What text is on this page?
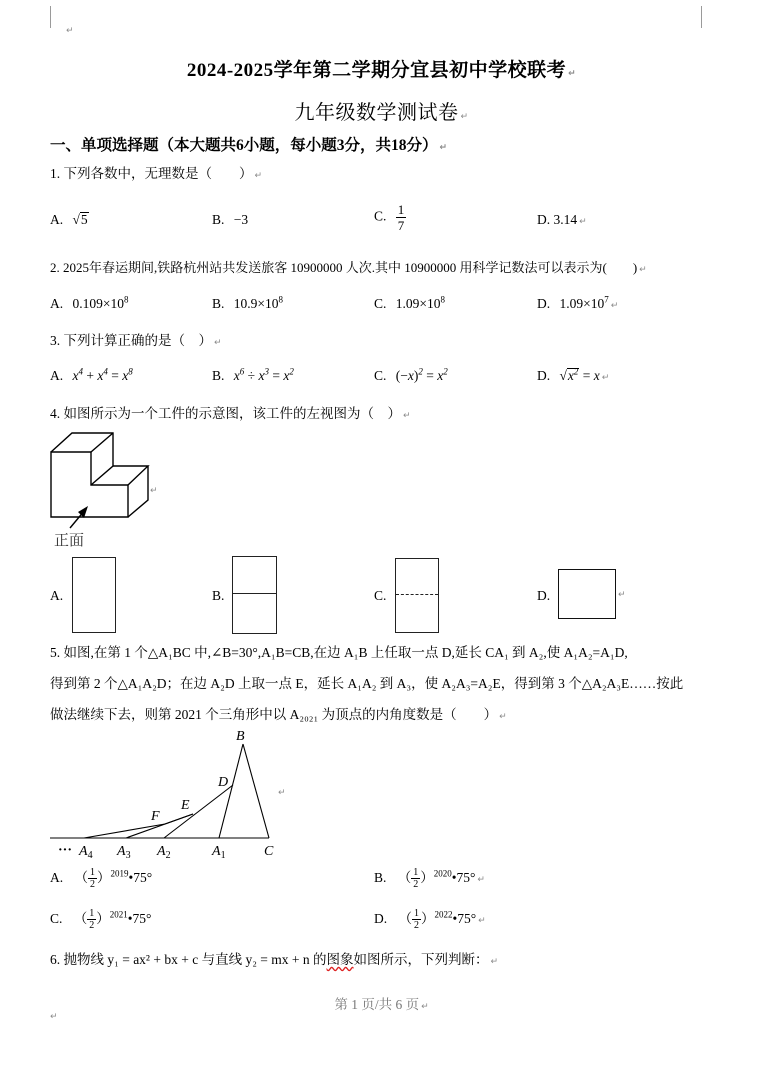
↵
2024-2025学年第二学期分宜县初中学校联考 ↵
九年级数学测试卷 ↵
一、单项选择题（本大题共6小题，每小题3分，共18分） ↵
1. 下列各数中，无理数是（　　） ↵
A. √5	B. −3	C. $\frac{1}{7}$	D. 3.14 ↵
2. 2025年春运期间,铁路杭州站共发送旅客 10900000 人次.其中 10900000 用科学记数法可以表示为(　　) ↵
A. $0.109\times 10^8$	B. $10.9\times 10^8$	C. $1.09\times 10^8$	D. $1.09\times 10^7↵$
3. 下列计算正确的是（　） ↵
A. $x^4 + x^4 = x^8$	B. $x^6 \div x^3 = x^2$	C. $(-x)^2 = x^2$	D. $√x^2 = x$ ↵
4. 如图所示为一个工件的示意图，该工件的左视图为（　） ↵
↵
正面
A.	B.	C.	D.	↵
5. 如图,在第 1 个△A₁BC 中,∠B=30°,A₁B=CB,在边 A₁B 上任取一点 D,延长 CA₁ 到 A₂,使 A₁A₂=A₁D,
得到第 2 个△A₁A₂D；在边 A₂D 上取一点 E，延长 A₁A₂ 到 A₃，使 A₂A₃=A₂E，得到第 3 个△A₂A₃E……按此
做法继续下去，则第 2021 个三角形中以 A₂₀₂₁ 为顶点的内角度数是（　　） ↵
B
D
E
F
··· $A_4$ $A_3$ $A_2$	$A_1$	C
↵
A. （ $\frac{1}{2}$ ）$^{2019}$•75°	B. （ $\frac{1}{2}$ ）$^{2020}$•75° ↵
C. （ $\frac{1}{2}$ ）$^{2021}$•75°	D. （ $\frac{1}{2}$ ）$^{2022}$•75° ↵
6. 抛物线 y₁ = ax² + bx + c 与直线 y₂ = mx + n 的图象如图所示，下列判断： ↵
第 1 页/共 6 页 ↵
↵
